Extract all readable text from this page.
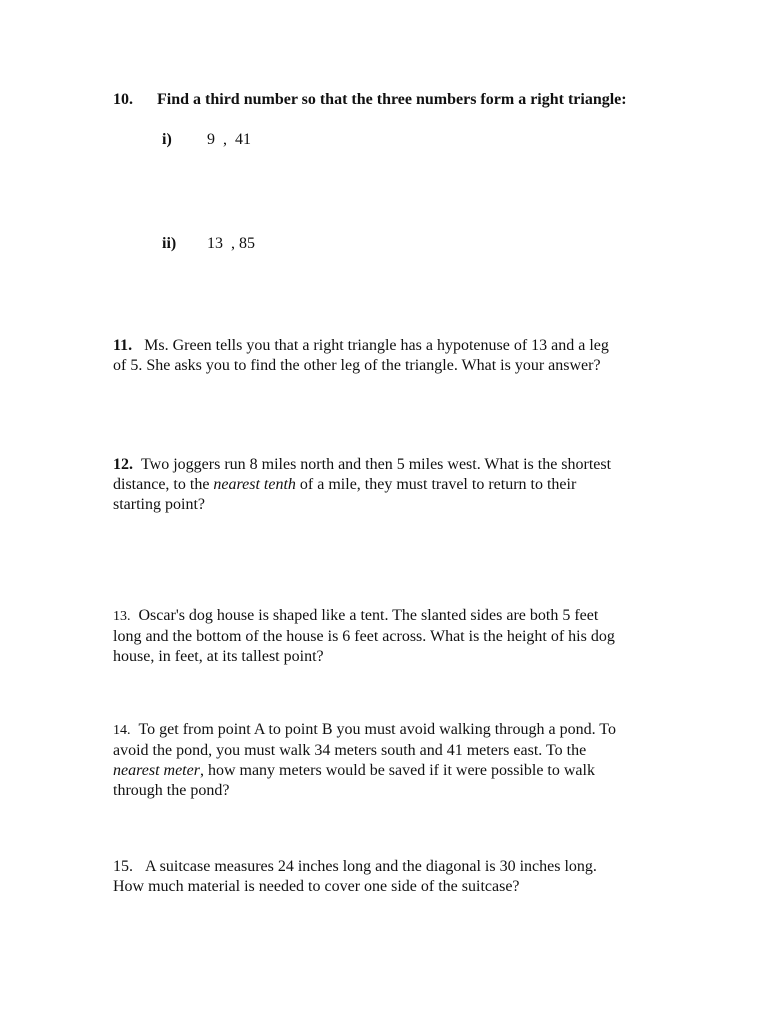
10. Find a third number so that the three numbers form a right triangle:
i) 9  ,  41
ii) 13  , 85
11. Ms. Green tells you that a right triangle has a hypotenuse of 13 and a leg
of 5. She asks you to find the other leg of the triangle. What is your answer?
12. Two joggers run 8 miles north and then 5 miles west. What is the shortest
distance, to the nearest tenth of a mile, they must travel to return to their
starting point?
13. Oscar's dog house is shaped like a tent. The slanted sides are both 5 feet
long and the bottom of the house is 6 feet across. What is the height of his dog
house, in feet, at its tallest point?
14. To get from point A to point B you must avoid walking through a pond. To
avoid the pond, you must walk 34 meters south and 41 meters east. To the
nearest meter, how many meters would be saved if it were possible to walk
through the pond?
15. A suitcase measures 24 inches long and the diagonal is 30 inches long.
How much material is needed to cover one side of the suitcase?
